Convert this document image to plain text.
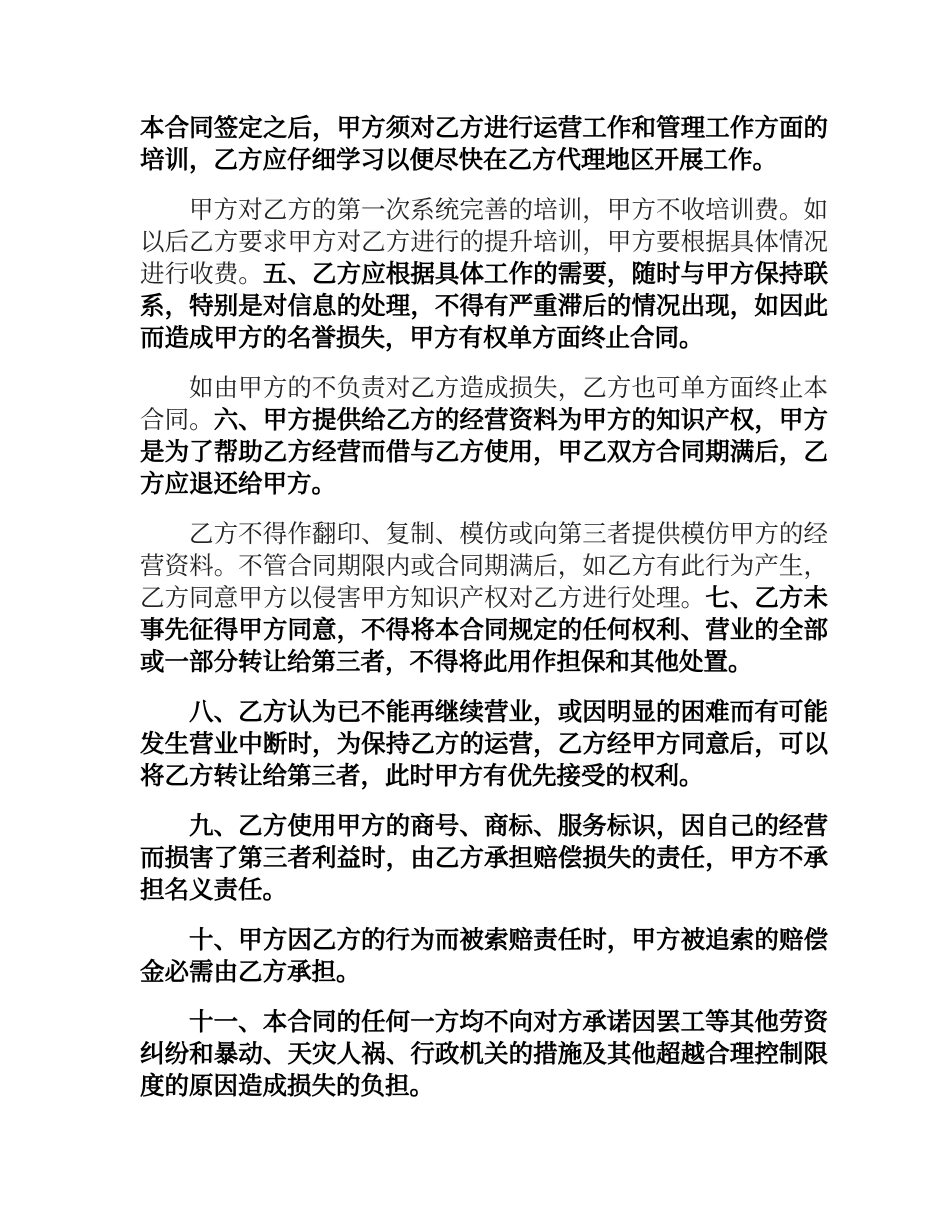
本合同签定之后，甲方须对乙方进行运营工作和管理工作方面的培训，乙方应仔细学习以便尽快在乙方代理地区开展工作。

甲方对乙方的第一次系统完善的培训，甲方不收培训费。如以后乙方要求甲方对乙方进行的提升培训，甲方要根据具体情况进行收费。五、乙方应根据具体工作的需要，随时与甲方保持联系，特别是对信息的处理，不得有严重滞后的情况出现，如因此而造成甲方的名誉损失，甲方有权单方面终止合同。

如由甲方的不负责对乙方造成损失，乙方也可单方面终止本合同。六、甲方提供给乙方的经营资料为甲方的知识产权，甲方是为了帮助乙方经营而借与乙方使用，甲乙双方合同期满后，乙方应退还给甲方。

乙方不得作翻印、复制、模仿或向第三者提供模仿甲方的经营资料。不管合同期限内或合同期满后，如乙方有此行为产生，乙方同意甲方以侵害甲方知识产权对乙方进行处理。七、乙方未事先征得甲方同意，不得将本合同规定的任何权利、营业的全部或一部分转让给第三者，不得将此用作担保和其他处置。

八、乙方认为已不能再继续营业，或因明显的困难而有可能发生营业中断时，为保持乙方的运营，乙方经甲方同意后，可以将乙方转让给第三者，此时甲方有优先接受的权利。

九、乙方使用甲方的商号、商标、服务标识，因自己的经营而损害了第三者利益时，由乙方承担赔偿损失的责任，甲方不承担名义责任。

十、甲方因乙方的行为而被索赔责任时，甲方被追索的赔偿金必需由乙方承担。

十一、本合同的任何一方均不向对方承诺因罢工等其他劳资纠纷和暴动、天灾人祸、行政机关的措施及其他超越合理控制限度的原因造成损失的负担。
